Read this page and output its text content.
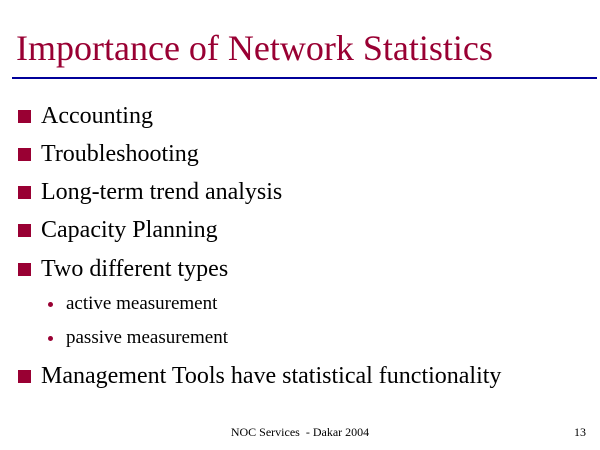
Importance of Network Statistics
Accounting
Troubleshooting
Long-term trend analysis
Capacity Planning
Two different types
active measurement
passive measurement
Management Tools have statistical functionality
NOC Services  - Dakar 2004	13
